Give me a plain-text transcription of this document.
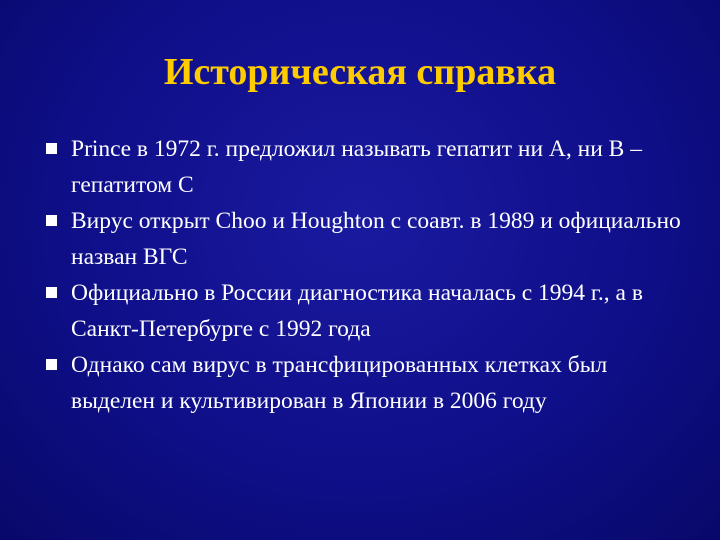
Историческая справка
Prince в 1972 г. предложил называть гепатит ни А, ни В – гепатитом С
Вирус открыт Choo и Houghton с соавт. в 1989 и официально назван ВГС
Официально в России диагностика началась с 1994 г., а в Санкт-Петербурге с 1992 года
Однако сам вирус в трансфицированных клетках был выделен и культивирован в Японии в 2006 году
